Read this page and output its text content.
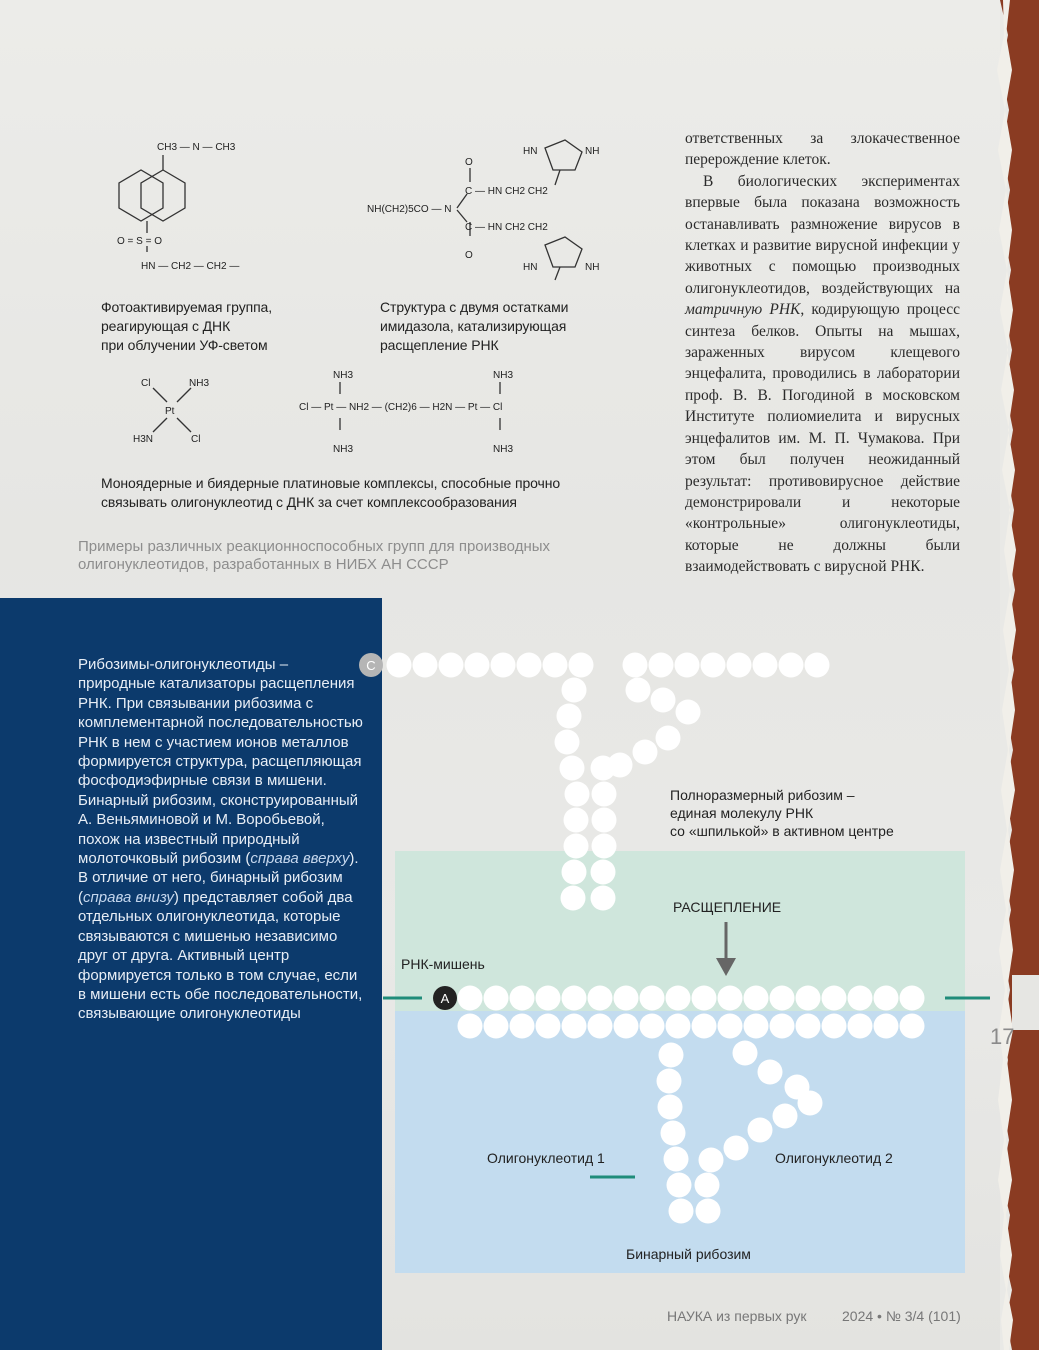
CH3 — N — CH3
O = S = O
HN — CH2 — CH2 —
NH(CH2)5CO — N
C — HN CH2 CH2
C — HN CH2 CH2
O
O
HN	NH
HN	NH
Cl	NH3
Pt
H3N	Cl
NH3	NH3
Cl — Pt — NH2 — (CH2)6 — H2N — Pt — Cl
NH3	NH3
Фотоактивируемая группа,
реагирующая с ДНК
при облучении УФ-светом
Структура с двумя остатками
имидазола, катализирующая
расщепление РНК
Моноядерные и биядерные платиновые комплексы, способные прочно
связывать олигонуклеотид с ДНК за счет комплексообразования
Примеры различных реакционноспособных групп для производных
олигонуклеотидов, разработанных в НИБХ АН СССР

ответственных за злокачественное перерождение клеток.

В биологических экспериментах впервые была показана возможность останавливать размножение вирусов в клетках и развитие вирусной инфекции у животных с помощью производных олигонуклеотидов, воздействующих на матричную РНК, кодирующую процесс синтеза белков. Опыты на мышах, зараженных вирусом клещевого энцефалита, проводились в лаборатории проф. В. В. Погодиной в московском Институте полиомиелита и вирусных энцефалитов им. М. П. Чумакова. При этом был получен неожиданный результат: противовирусное действие демонстрировали и некоторые «контрольные» олигонуклеотиды, которые не должны были взаимодействовать с вирусной РНК.

Рибозимы-олигонуклеотиды – природные катализаторы расщепления РНК. При связывании рибозима с комплементарной последовательностью РНК в нем с участием ионов металлов формируется структура, расщепляющая фосфодиэфирные связи в мишени. Бинарный рибозим, сконструированный А. Веньяминовой и М. Воробьевой, похож на известный природный молоточковый рибозим (справа вверху). В отличие от него, бинарный рибозим (справа внизу) представляет собой два отдельных олигонуклеотида, которые связываются с мишенью независимо друг от друга. Активный центр формируется только в том случае, если в мишени есть обе последовательности, связывающие олигонуклеотиды

C
A
Полноразмерный рибозим –
единая молекулу РНК
со «шпилькой» в активном центре
РАСЩЕПЛЕНИЕ
РНК-мишень
Олигонуклеотид 1	Олигонуклеотид 2
Бинарный рибозим
НАУКА из первых рук	2024 • № 3/4 (101)
17
